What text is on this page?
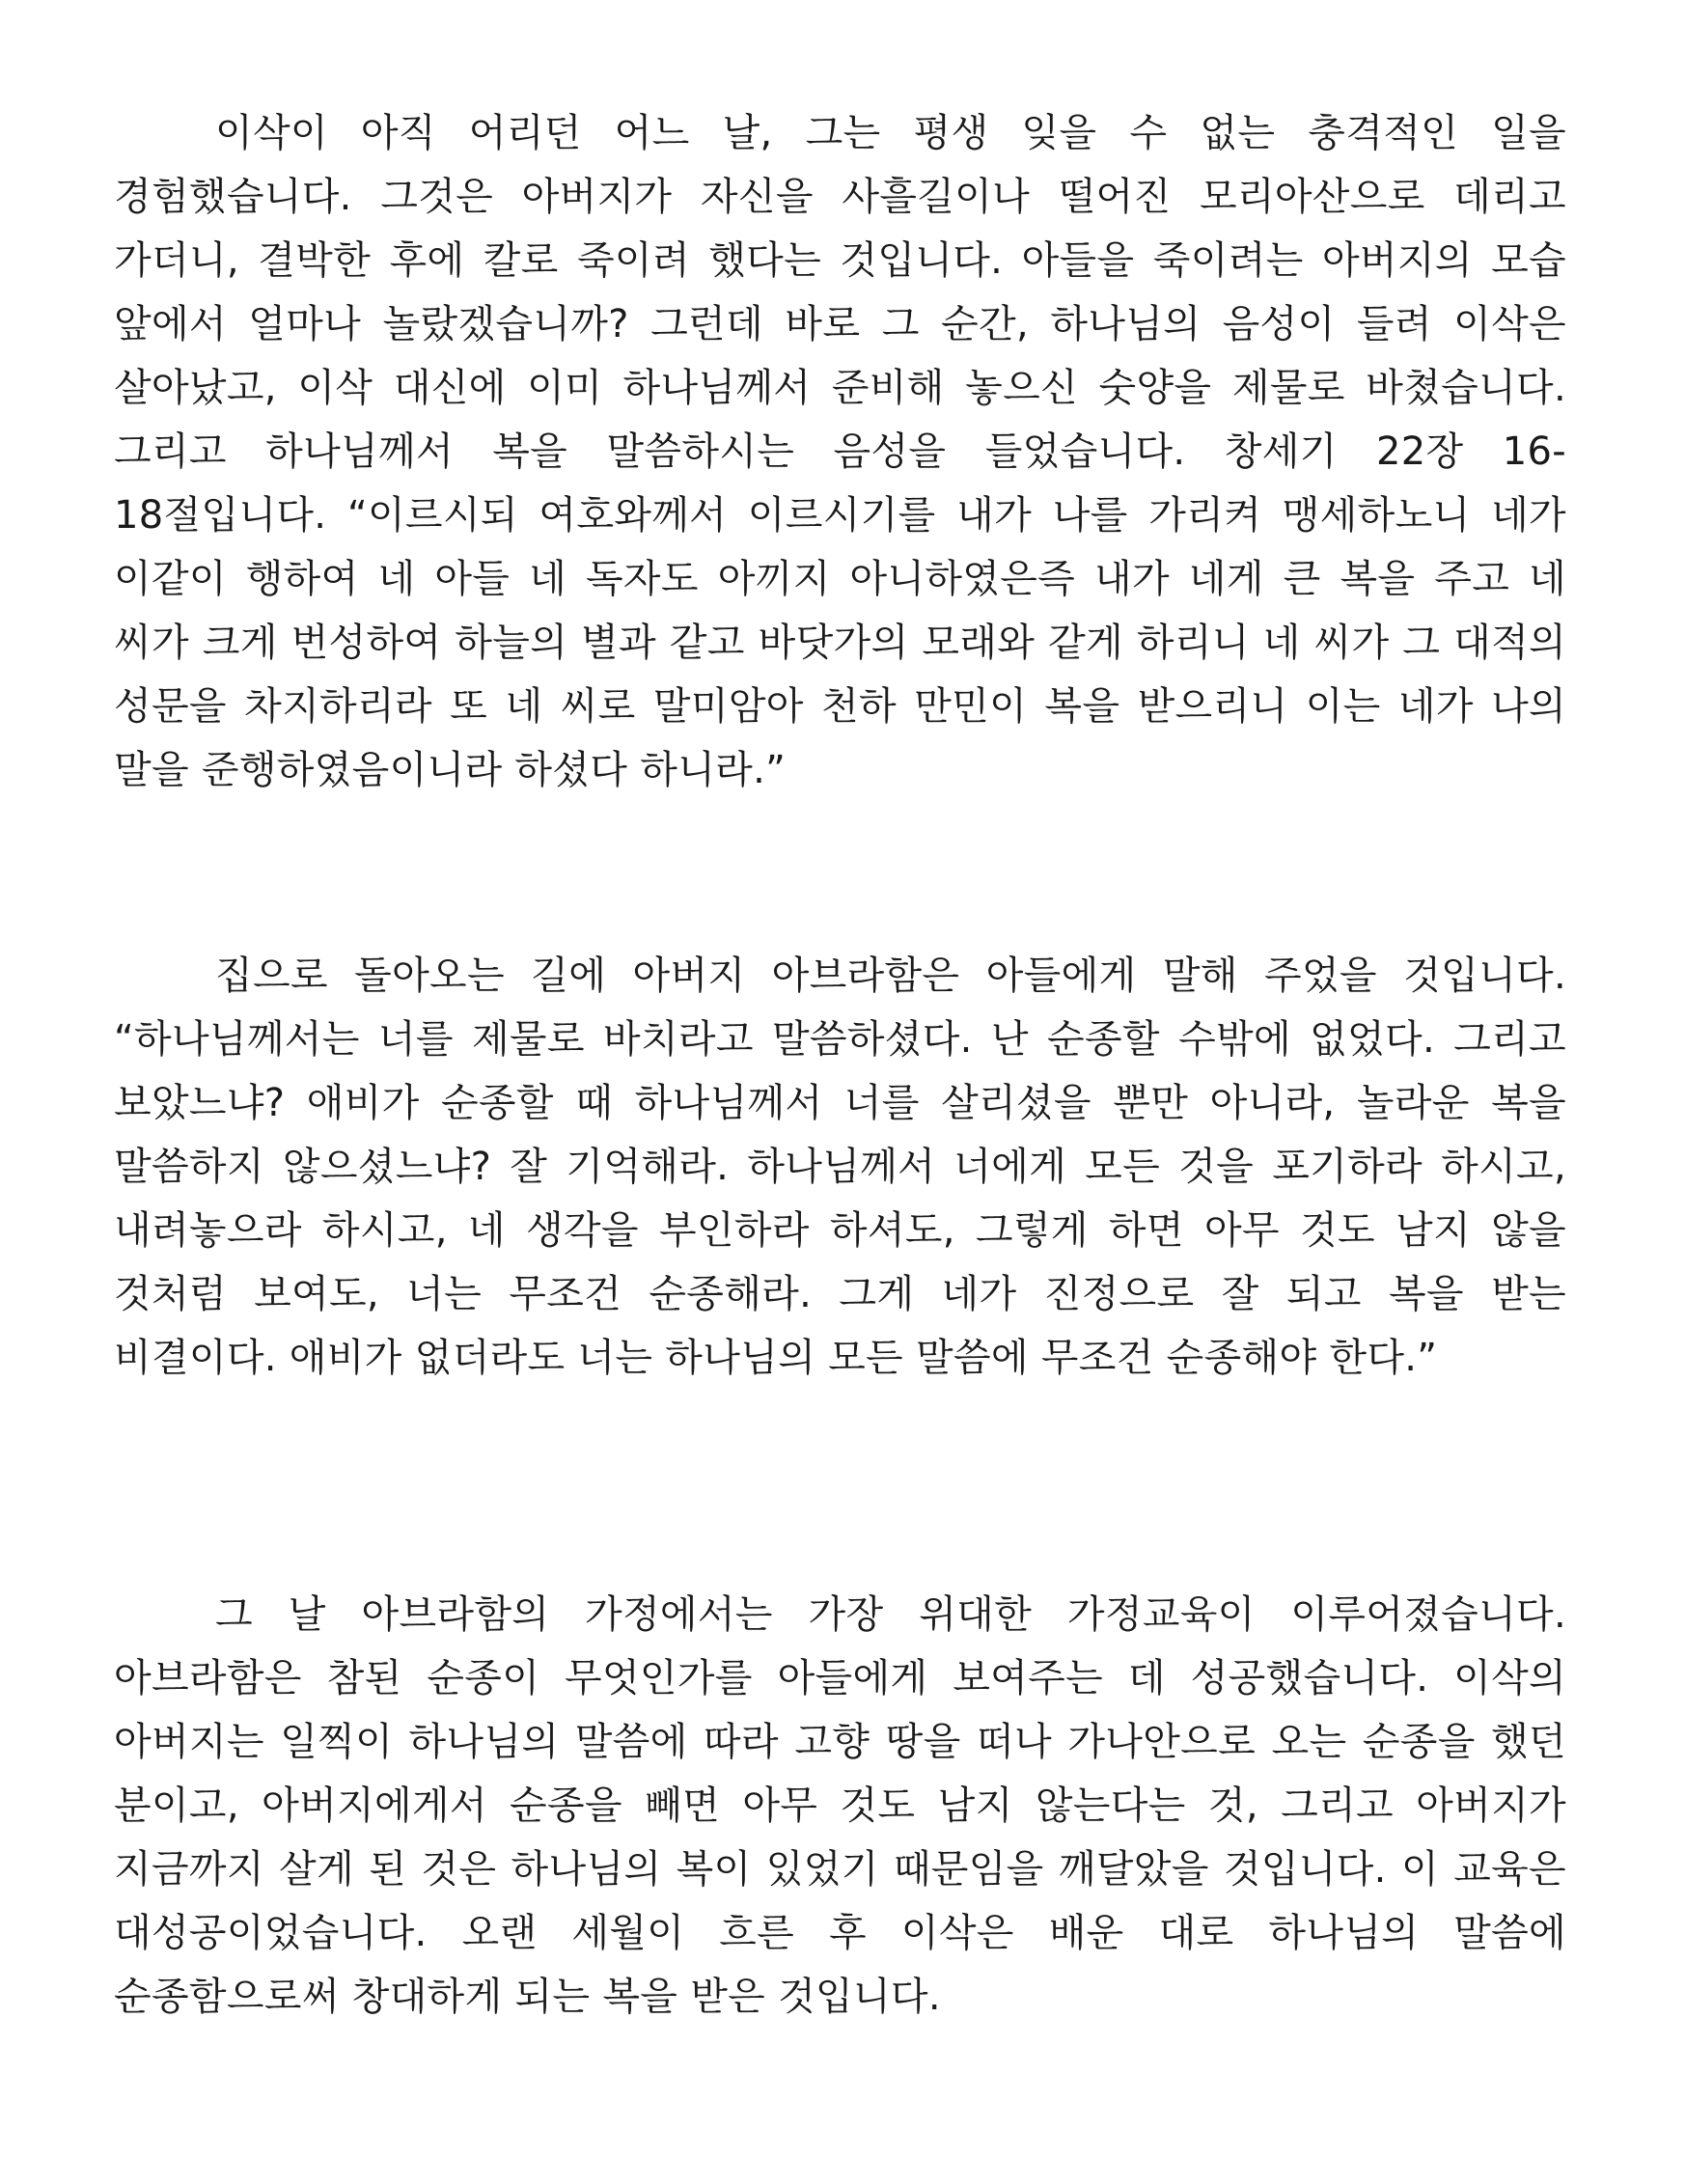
이삭이 아직 어리던 어느 날, 그는 평생 잊을 수 없는 충격적인 일을 경험했습니다. 그것은 아버지가 자신을 사흘길이나 떨어진 모리아산으로 데리고 가더니, 결박한 후에 칼로 죽이려 했다는 것입니다. 아들을 죽이려는 아버지의 모습 앞에서 얼마나 놀랐겠습니까? 그런데 바로 그 순간, 하나님의 음성이 들려 이삭은 살아났고, 이삭 대신에 이미 하나님께서 준비해 놓으신 숫양을 제물로 바쳤습니다. 그리고 하나님께서 복을 말씀하시는 음성을 들었습니다. 창세기 22장 16-18절입니다. “이르시되 여호와께서 이르시기를 내가 나를 가리켜 맹세하노니 네가 이같이 행하여 네 아들 네 독자도 아끼지 아니하였은즉 내가 네게 큰 복을 주고 네 씨가 크게 번성하여 하늘의 별과 같고 바닷가의 모래와 같게 하리니 네 씨가 그 대적의 성문을 차지하리라 또 네 씨로 말미암아 천하 만민이 복을 받으리니 이는 네가 나의 말을 준행하였음이니라 하셨다 하니라.”

집으로 돌아오는 길에 아버지 아브라함은 아들에게 말해 주었을 것입니다. “하나님께서는 너를 제물로 바치라고 말씀하셨다. 난 순종할 수밖에 없었다. 그리고 보았느냐? 애비가 순종할 때 하나님께서 너를 살리셨을 뿐만 아니라, 놀라운 복을 말씀하지 않으셨느냐? 잘 기억해라. 하나님께서 너에게 모든 것을 포기하라 하시고, 내려놓으라 하시고, 네 생각을 부인하라 하셔도, 그렇게 하면 아무 것도 남지 않을 것처럼 보여도, 너는 무조건 순종해라. 그게 네가 진정으로 잘 되고 복을 받는 비결이다. 애비가 없더라도 너는 하나님의 모든 말씀에 무조건 순종해야 한다.”

그 날 아브라함의 가정에서는 가장 위대한 가정교육이 이루어졌습니다. 아브라함은 참된 순종이 무엇인가를 아들에게 보여주는 데 성공했습니다. 이삭의 아버지는 일찍이 하나님의 말씀에 따라 고향 땅을 떠나 가나안으로 오는 순종을 했던 분이고, 아버지에게서 순종을 빼면 아무 것도 남지 않는다는 것, 그리고 아버지가 지금까지 살게 된 것은 하나님의 복이 있었기 때문임을 깨달았을 것입니다. 이 교육은 대성공이었습니다. 오랜 세월이 흐른 후 이삭은 배운 대로 하나님의 말씀에 순종함으로써 창대하게 되는 복을 받은 것입니다.
